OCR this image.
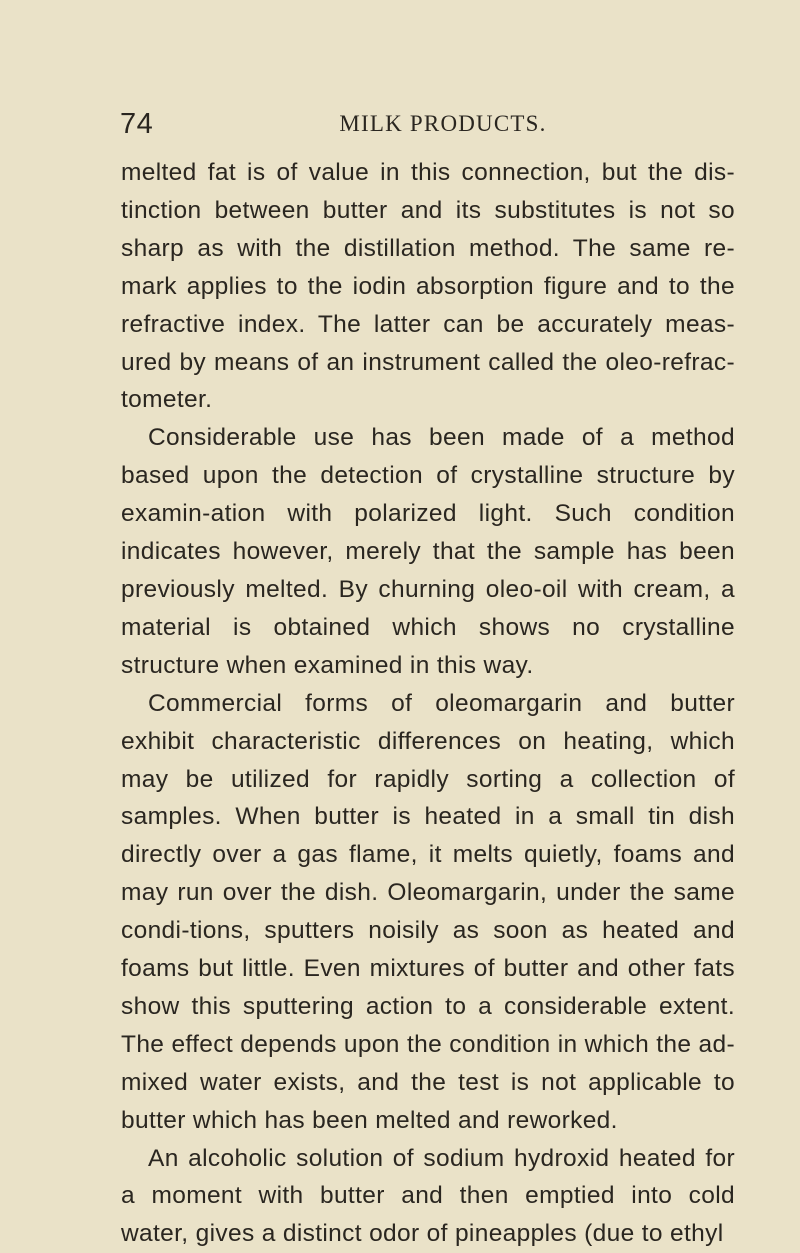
74	MILK PRODUCTS.

melted fat is of value in this connection, but the dis-tinction between butter and its substitutes is not so sharp as with the distillation method. The same re-mark applies to the iodin absorption figure and to the refractive index. The latter can be accurately meas-ured by means of an instrument called the oleo-refrac-tometer.

Considerable use has been made of a method based upon the detection of crystalline structure by examin-ation with polarized light. Such condition indicates however, merely that the sample has been previously melted. By churning oleo-oil with cream, a material is obtained which shows no crystalline structure when examined in this way.

Commercial forms of oleomargarin and butter exhibit characteristic differences on heating, which may be utilized for rapidly sorting a collection of samples. When butter is heated in a small tin dish directly over a gas flame, it melts quietly, foams and may run over the dish. Oleomargarin, under the same condi-tions, sputters noisily as soon as heated and foams but little. Even mixtures of butter and other fats show this sputtering action to a considerable extent. The effect depends upon the condition in which the ad-mixed water exists, and the test is not applicable to butter which has been melted and reworked.

An alcoholic solution of sodium hydroxid heated for a moment with butter and then emptied into cold water, gives a distinct odor of pineapples (due to ethyl
